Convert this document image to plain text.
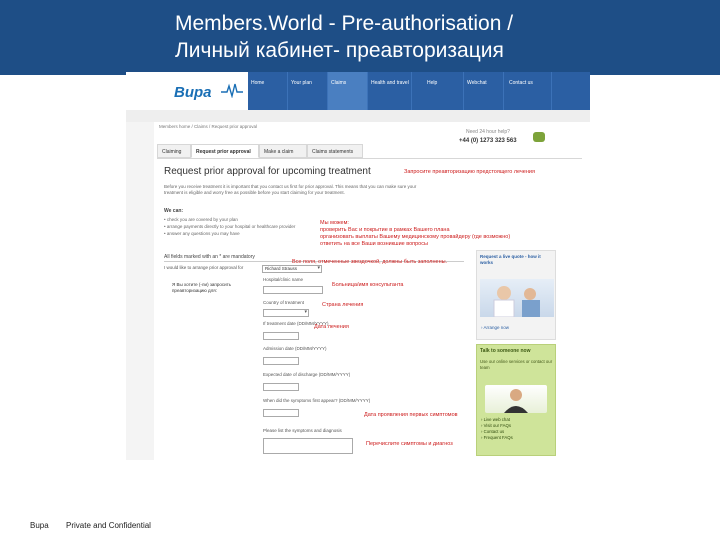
Members.World - Pre-authorisation /
Личный кабинет- преавторизация
Bupa
Home	Your plan	Claims	Health and travel	Help	Webchat	Contact us
Members home / Claims / Request prior approval
Need 24 hour help?
+44 (0) 1273 323 563
Claiming	Request prior approval	Make a claim	Claims statements
Request prior approval for upcoming treatment
Before you receive treatment it is important that you contact us first for prior approval. This means that you can make sure your treatment is eligible and worry free as possible before you start claiming for your treatment.
We can:
• check you are covered by your plan
• arrange payments directly to your hospital or healthcare provider
• answer any questions you may have
All fields marked with an * are mandatory
I would like to arrange prior approval for	Richard Strauss ▾
Я Вы хотите (-ли) запросить преавторизацию для:
Hospital/clinic name
Country of treatment
▾
If treatment date (DD/MM/YYYY)
Admission date (DD/MM/YYYY)
Expected date of discharge (DD/MM/YYYY)
When did the symptoms first appear? (DD/MM/YYYY)
Please list the symptoms and diagnosis
Request a live quote - how it works
› Arrange now
Talk to someone now
Use our online services or contact our team
› Live web chat
› Visit our FAQs
› Contact us
› Frequent FAQs
Запросите преавторизацию предстоящего лечения
Мы можем:
проверить Вас и покрытие в рамках Вашего плана
организовать выплаты Вашему медицинскому провайдеру (где возможно)
ответить на все Ваши возникшие вопросы
Все поля, отмеченные звездочкой, должны быть заполнены.
Больница/имя консультанта
Страна лечения
Дата лечения
Дата проявления первых симптомов
Перечислите симптомы и диагноз
Bupa Private and Confidential
